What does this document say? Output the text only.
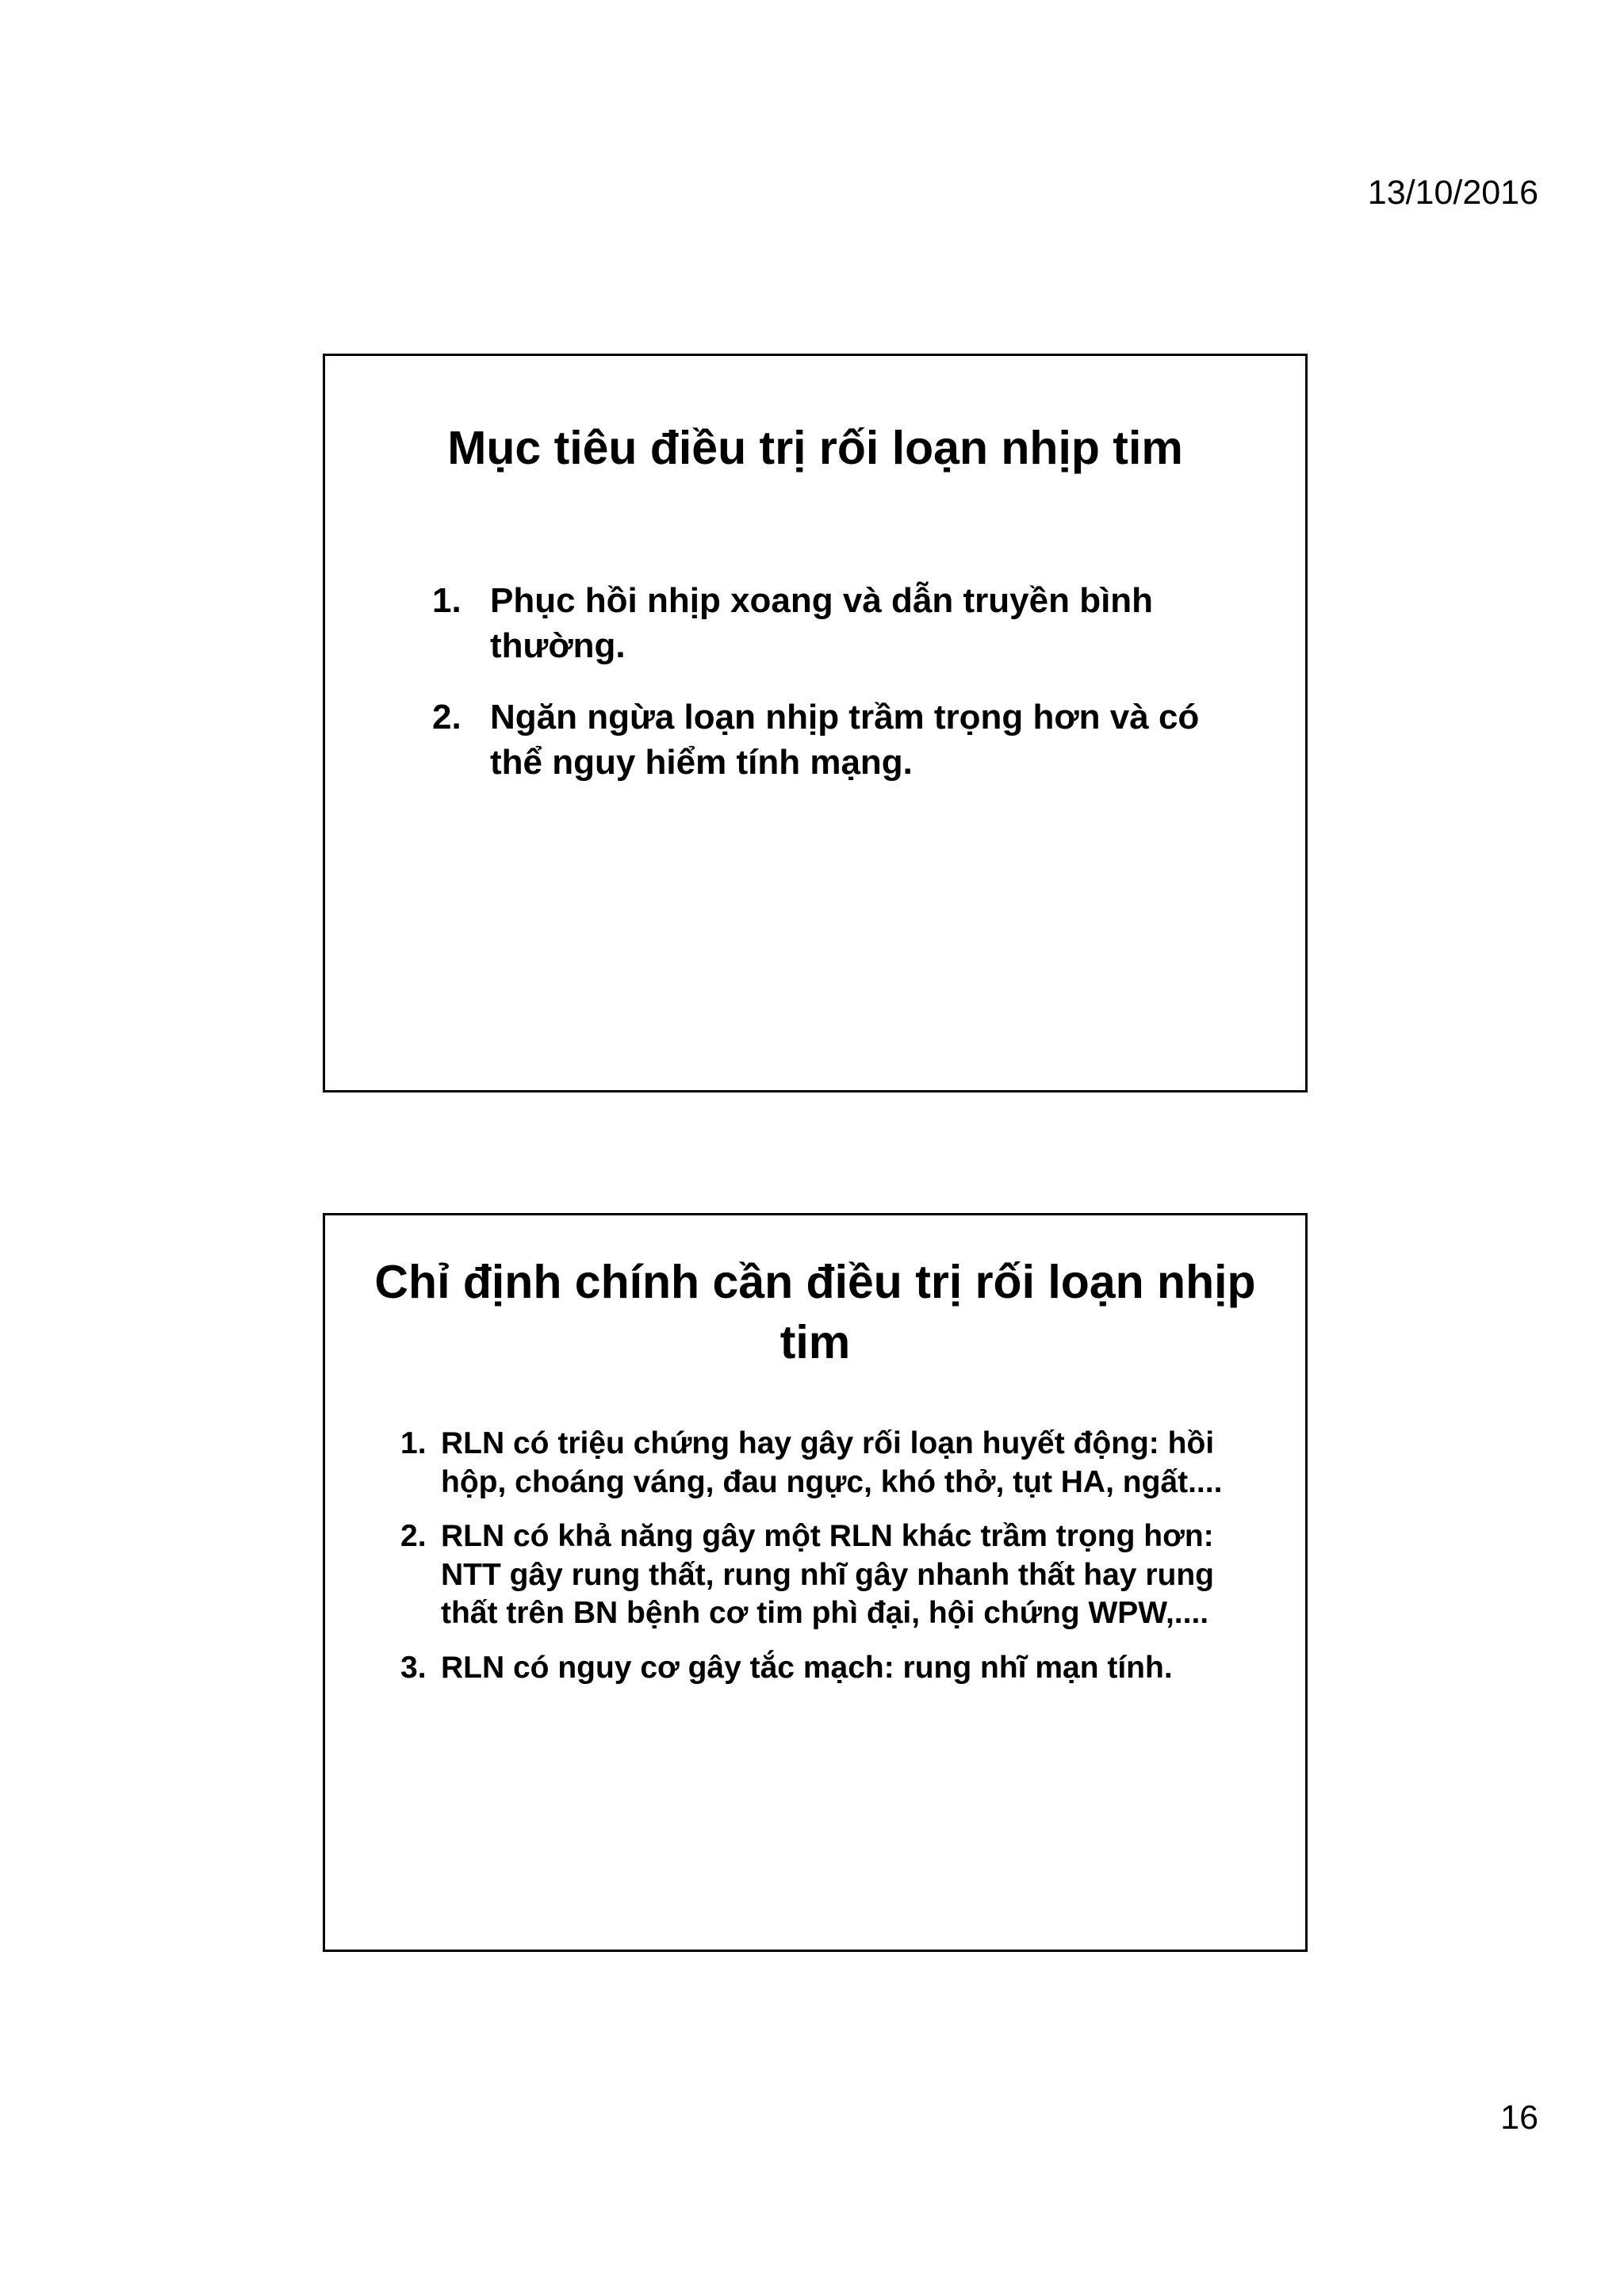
13/10/2016
Mục tiêu điều trị rối loạn nhịp tim
1. Phục hồi nhịp xoang và dẫn truyền bình thường.
2. Ngăn ngừa loạn nhịp trầm trọng hơn và có thể nguy hiểm tính mạng.
Chỉ định chính cần điều trị rối loạn nhịp tim
1. RLN có triệu chứng hay gây rối loạn huyết động: hồi hộp, choáng váng, đau ngực, khó thở, tụt HA, ngất....
2. RLN có khả năng gây một RLN khác trầm trọng hơn: NTT gây rung thất, rung nhĩ gây nhanh thất hay rung thất trên BN bệnh cơ tim phì đại, hội chứng WPW,....
3. RLN có nguy cơ gây tắc mạch: rung nhĩ mạn tính.
16
